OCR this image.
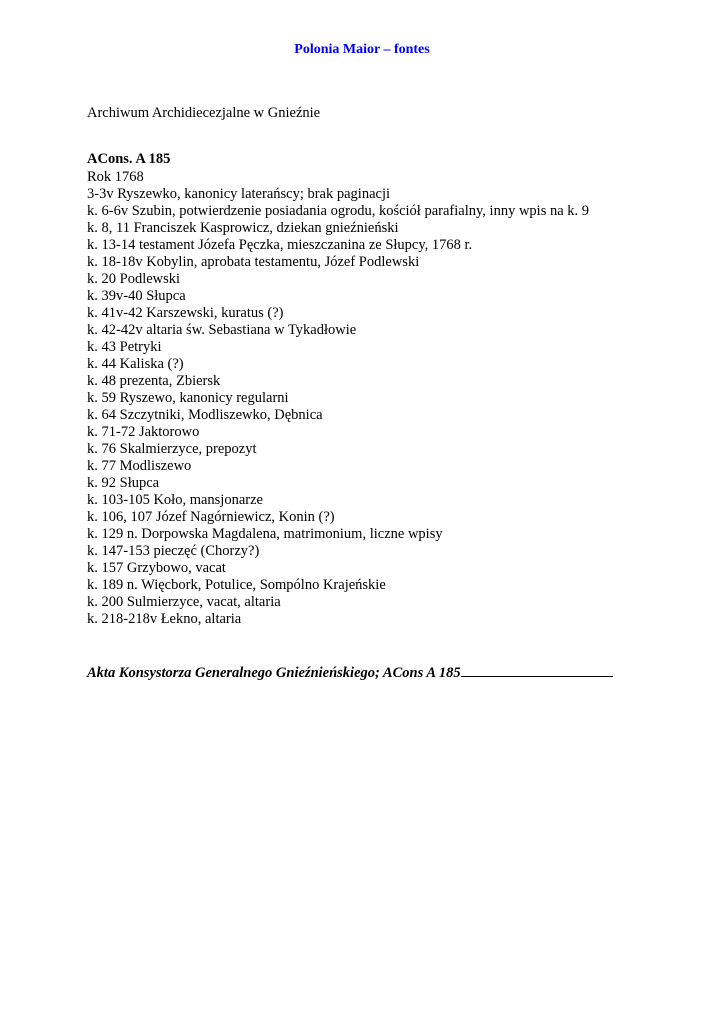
Polonia Maior – fontes
Archiwum Archidiecezjalne w Gnieźnie
ACons. A 185
Rok 1768
3-3v Ryszewko, kanonicy laterańscy; brak paginacji
k. 6-6v Szubin, potwierdzenie posiadania ogrodu, kościół parafialny, inny wpis na k. 9
k. 8, 11 Franciszek Kasprowicz, dziekan gnieźnieński
k. 13-14 testament Józefa Pęczka, mieszczanina ze Słupcy, 1768 r.
k. 18-18v Kobylin, aprobata testamentu, Józef Podlewski
k. 20 Podlewski
k. 39v-40 Słupca
k. 41v-42 Karszewski, kuratus (?)
k. 42-42v altaria św. Sebastiana w Tykadłowie
k. 43 Petryki
k. 44 Kaliska (?)
k. 48 prezenta, Zbiersk
k. 59 Ryszewo, kanonicy regularni
k. 64 Szczytniki, Modliszewko, Dębnica
k. 71-72 Jaktorowo
k. 76 Skalmierzyce, prepozyt
k. 77 Modliszewo
k. 92 Słupca
k. 103-105 Koło, mansjonarze
k. 106, 107 Józef Nagórniewicz, Konin (?)
k. 129 n. Dorpowska Magdalena, matrimonium, liczne wpisy
k. 147-153 pieczęć (Chorzy?)
k. 157 Grzybowo, vacat
k. 189 n. Więcbork, Potulice, Sompólno Krajeńskie
k. 200 Sulmierzyce, vacat, altaria
k. 218-218v Łekno, altaria
Akta Konsystorza Generalnego Gnieźnieńskiego; ACons A 185
